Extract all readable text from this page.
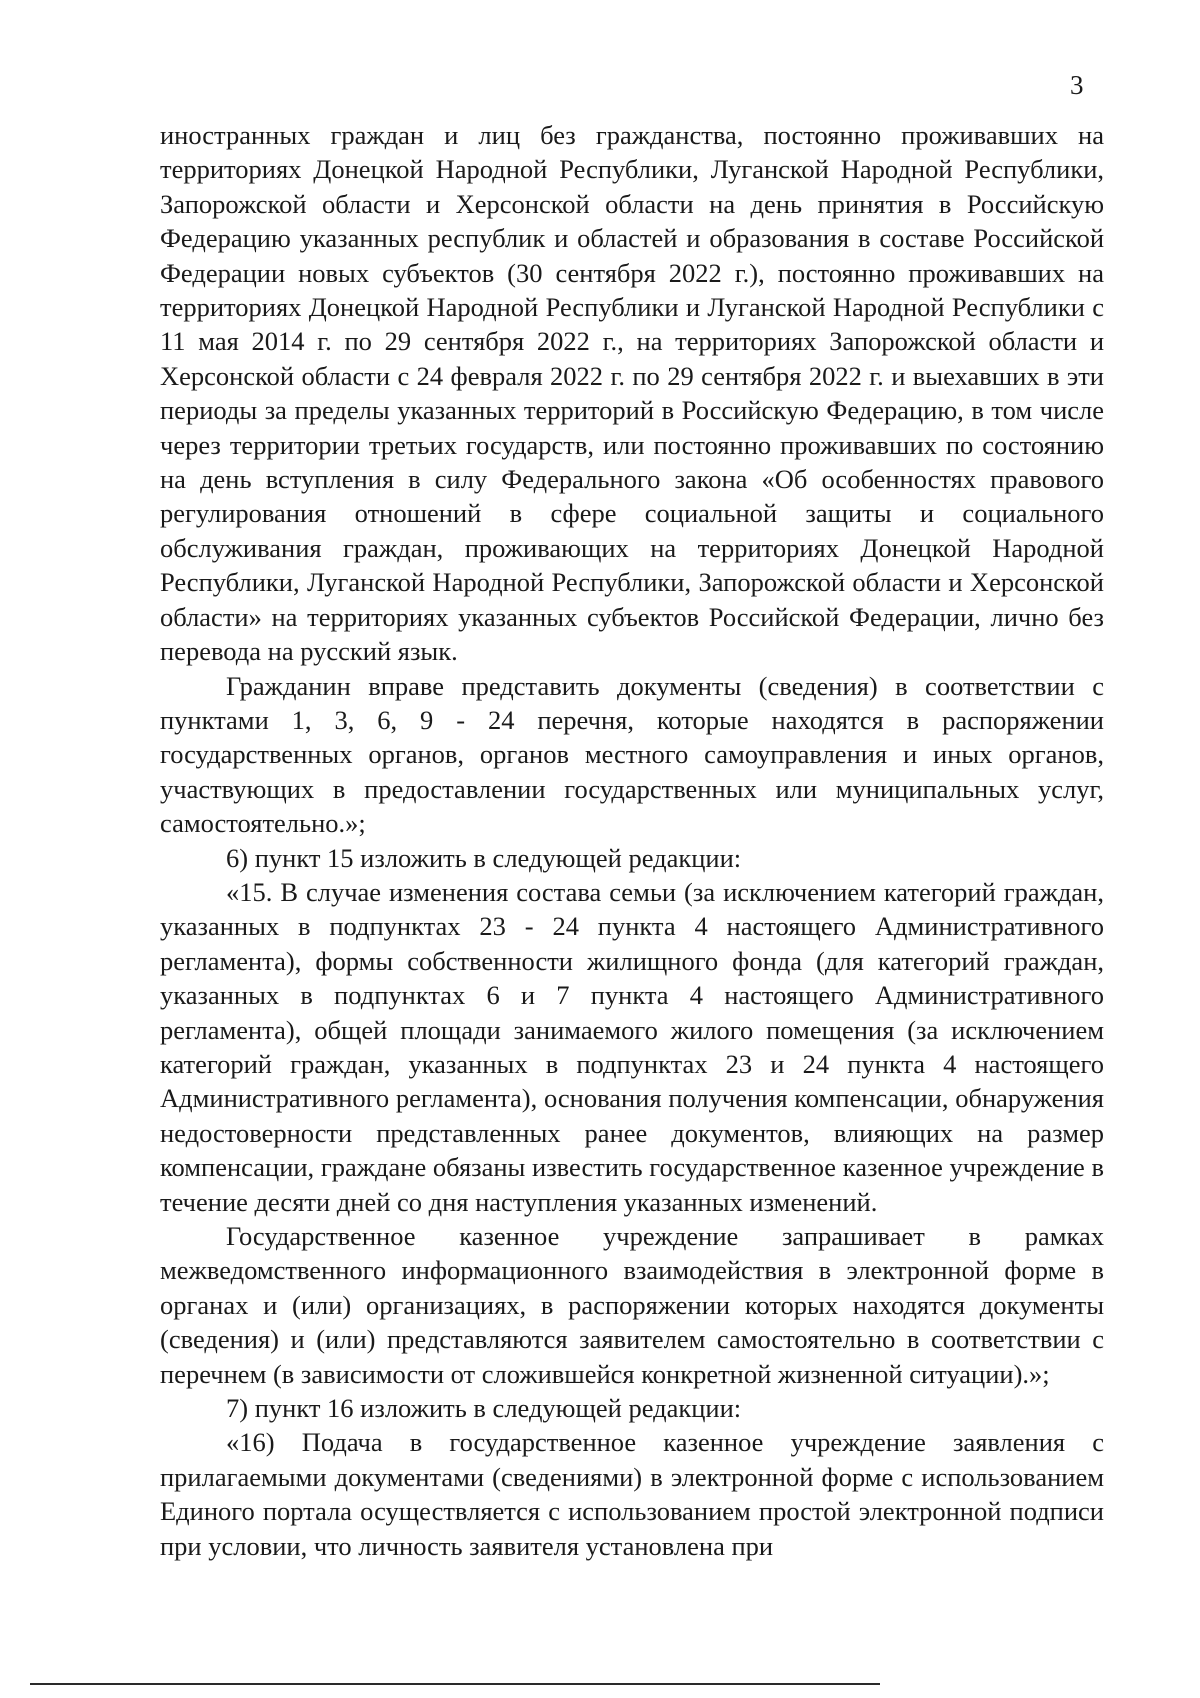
3

иностранных граждан и лиц без гражданства, постоянно проживавших на территориях Донецкой Народной Республики, Луганской Народной Республики, Запорожской области и Херсонской области на день принятия в Российскую Федерацию указанных республик и областей и образования в составе Российской Федерации новых субъектов (30 сентября 2022 г.), постоянно проживавших на территориях Донецкой Народной Республики и Луганской Народной Республики с 11 мая 2014 г. по 29 сентября 2022 г., на территориях Запорожской области и Херсонской области с 24 февраля 2022 г. по 29 сентября 2022 г. и выехавших в эти периоды за пределы указанных территорий в Российскую Федерацию, в том числе через территории третьих государств, или постоянно проживавших по состоянию на день вступления в силу Федерального закона «Об особенностях правового регулирования отношений в сфере социальной защиты и социального обслуживания граждан, проживающих на территориях Донецкой Народной Республики, Луганской Народной Республики, Запорожской области и Херсонской области» на территориях указанных субъектов Российской Федерации, лично без перевода на русский язык.

Гражданин вправе представить документы (сведения) в соответствии с пунктами 1, 3, 6, 9 - 24 перечня, которые находятся в распоряжении государственных органов, органов местного самоуправления и иных органов, участвующих в предоставлении государственных или муниципальных услуг, самостоятельно.»;

6) пункт 15 изложить в следующей редакции:

«15. В случае изменения состава семьи (за исключением категорий граждан, указанных в подпунктах 23 - 24 пункта 4 настоящего Административного регламента), формы собственности жилищного фонда (для категорий граждан, указанных в подпунктах 6 и 7 пункта 4 настоящего Административного регламента), общей площади занимаемого жилого помещения (за исключением категорий граждан, указанных в подпунктах 23 и 24 пункта 4 настоящего Административного регламента), основания получения компенсации, обнаружения недостоверности представленных ранее документов, влияющих на размер компенсации, граждане обязаны известить государственное казенное учреждение в течение десяти дней со дня наступления указанных изменений.

Государственное казенное учреждение запрашивает в рамках межведомственного информационного взаимодействия в электронной форме в органах и (или) организациях, в распоряжении которых находятся документы (сведения) и (или) представляются заявителем самостоятельно в соответствии с перечнем (в зависимости от сложившейся конкретной жизненной ситуации).»;

7) пункт 16 изложить в следующей редакции:

«16) Подача в государственное казенное учреждение заявления с прилагаемыми документами (сведениями) в электронной форме с использованием Единого портала осуществляется с использованием простой электронной подписи при условии, что личность заявителя установлена при
